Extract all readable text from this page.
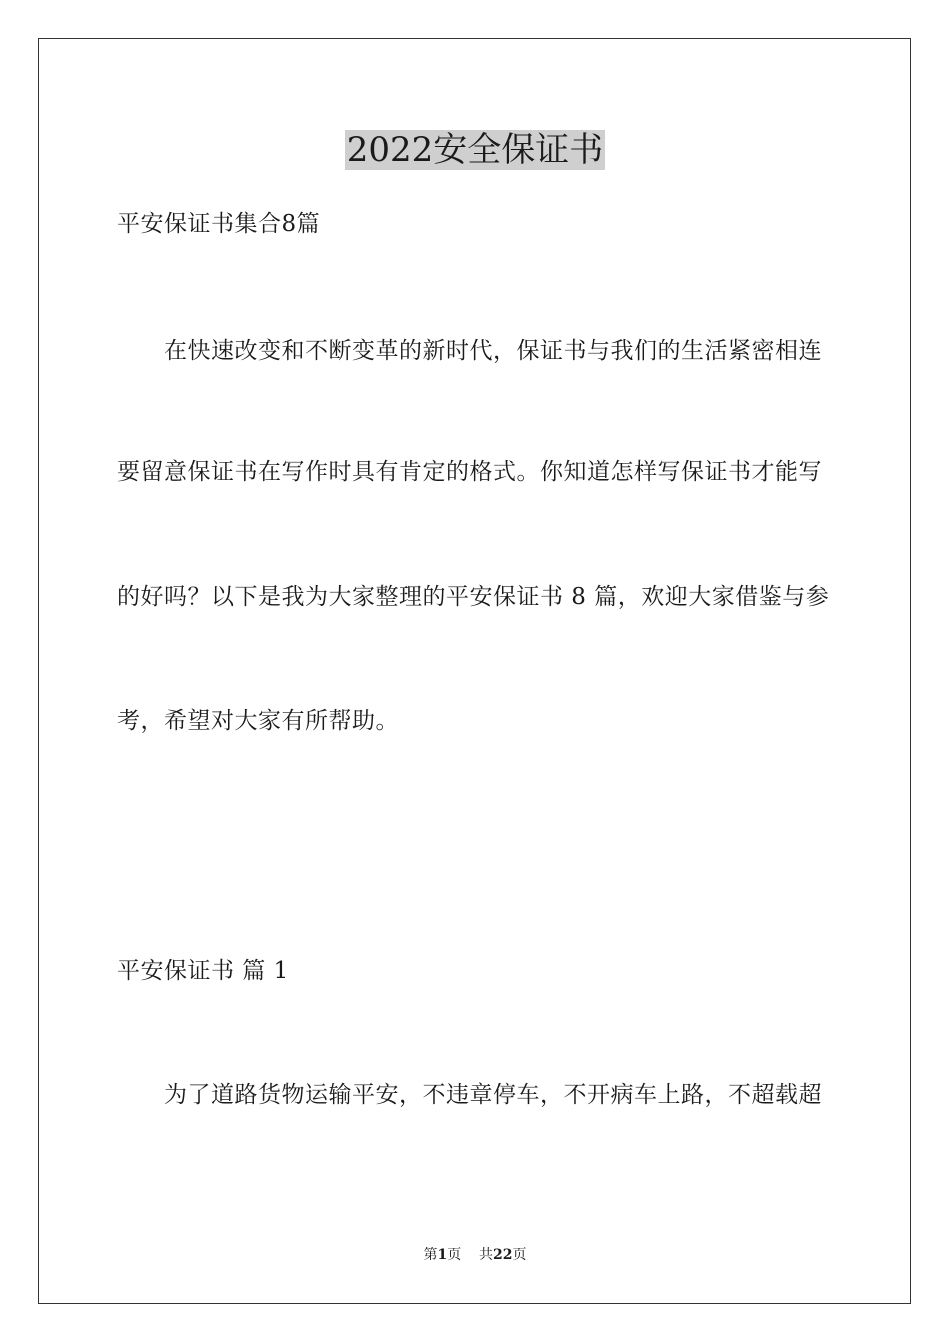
2022安全保证书
平安保证书集合8篇
在快速改变和不断变革的新时代，保证书与我们的生活紧密相连
要留意保证书在写作时具有肯定的格式。你知道怎样写保证书才能写
的好吗？以下是我为大家整理的平安保证书 8 篇，欢迎大家借鉴与参
考，希望对大家有所帮助。
平安保证书 篇 1
为了道路货物运输平安，不违章停车，不开病车上路，不超载超
第1页    共22页
